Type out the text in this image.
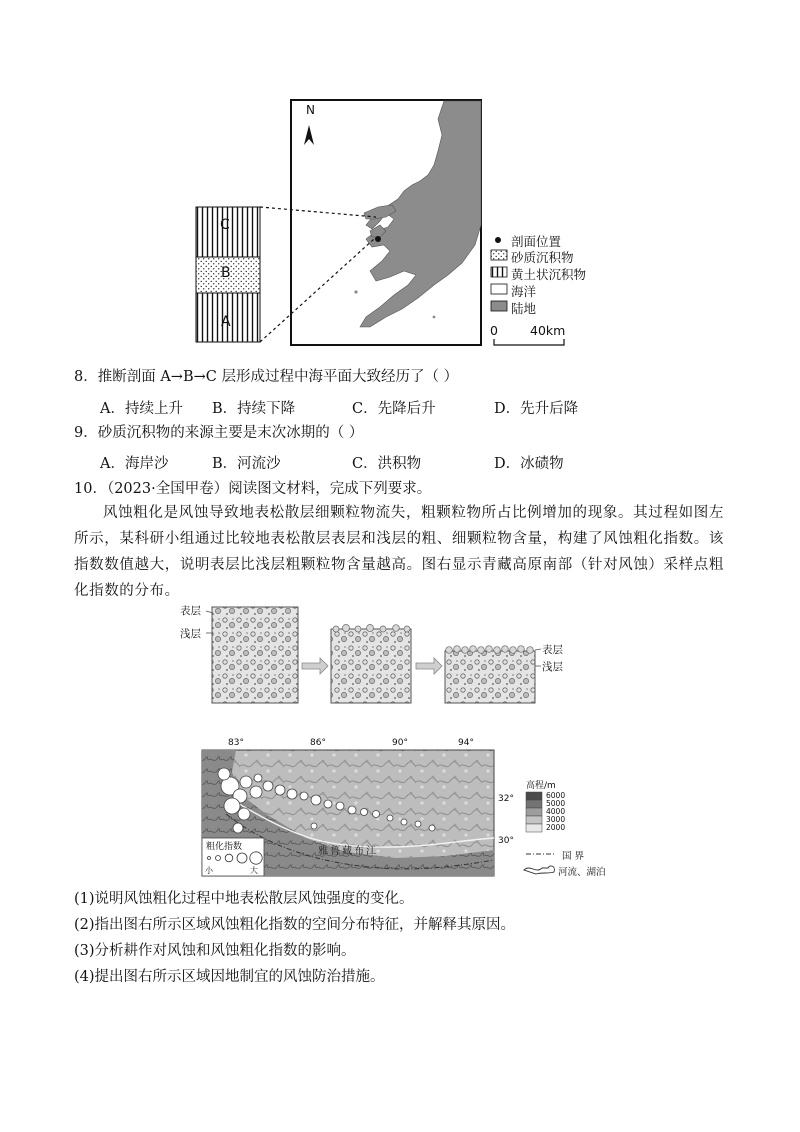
N
C
B
A
剖面位置
砂质沉积物
黄土状沉积物
海洋
陆地
0	40km
8．推断剖面 A→B→C 层形成过程中海平面大致经历了（ ）
A．持续上升 B．持续下降	C．先降后升	D．先升后降
9．砂质沉积物的来源主要是末次冰期的（ ）
A．海岸沙	B．河流沙	C．洪积物	D．冰碛物
10．（2023·全国甲卷）阅读图文材料，完成下列要求。
风蚀粗化是风蚀导致地表松散层细颗粒物流失，粗颗粒物所占比例增加的现象。其过程如图左所示，某科研小组通过比较地表松散层表层和浅层的粗、细颗粒物含量，构建了风蚀粗化指数。该指数数值越大，说明表层比浅层粗颗粒物含量越高。图右显示青藏高原南部（针对风蚀）采样点粗化指数的分布。
表层
浅层
表层
浅层
83°	86°	90°	94°
32°
30°
高程/m
6000
5000
4000
3000
2000
国 界
河流、湖泊
粗化指数
小	大
雅鲁藏布江
(1)说明风蚀粗化过程中地表松散层风蚀强度的变化。
(2)指出图右所示区域风蚀粗化指数的空间分布特征，并解释其原因。
(3)分析耕作对风蚀和风蚀粗化指数的影响。
(4)提出图右所示区域因地制宜的风蚀防治措施。
